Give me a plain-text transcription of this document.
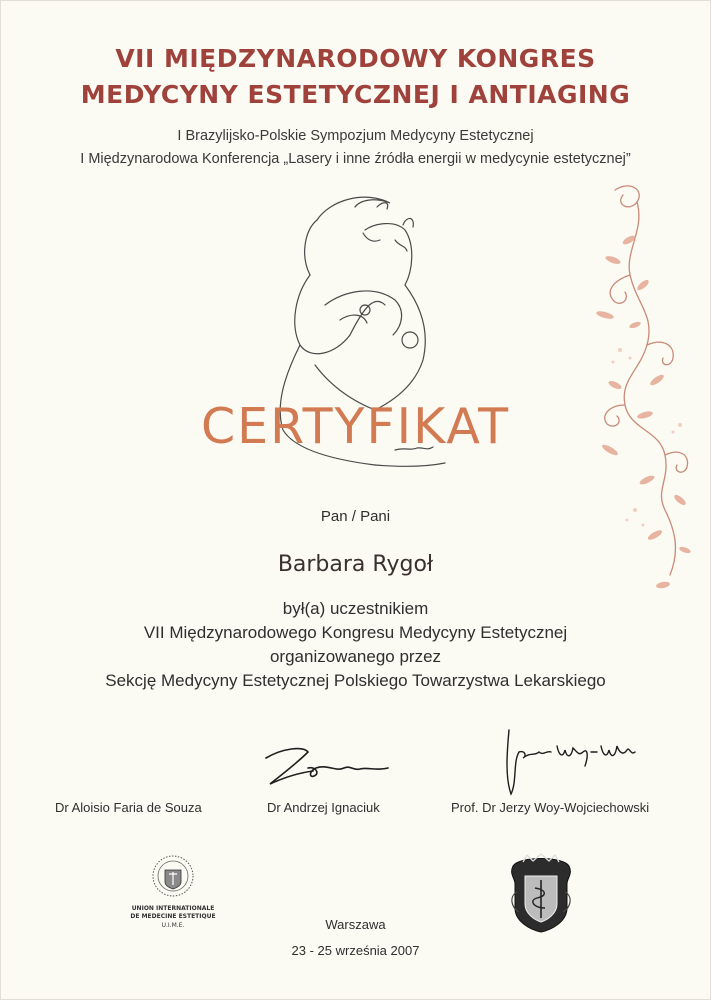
VII MIĘDZYNARODOWY KONGRES
MEDYCYNY ESTETYCZNEJ I ANTIAGING
I Brazylijsko-Polskie Sympozjum Medycyny Estetycznej
I Międzynarodowa Konferencja „Lasery i inne źródła energii w medycynie estetycznej”
CERTYFIKAT
Pan / Pani
Barbara Rygoł
był(a) uczestnikiem
VII Międzynarodowego Kongresu Medycyny Estetycznej
organizowanego przez
Sekcję Medycyny Estetycznej Polskiego Towarzystwa Lekarskiego
Dr Aloisio Faria de Souza	Dr Andrzej Ignaciuk	Prof. Dr Jerzy Woy-Wojciechowski
UNION INTERNATIONALE
DE MEDECINE ESTETIQUE
U.I.M.E.	Warszawa
23 - 25 września 2007
